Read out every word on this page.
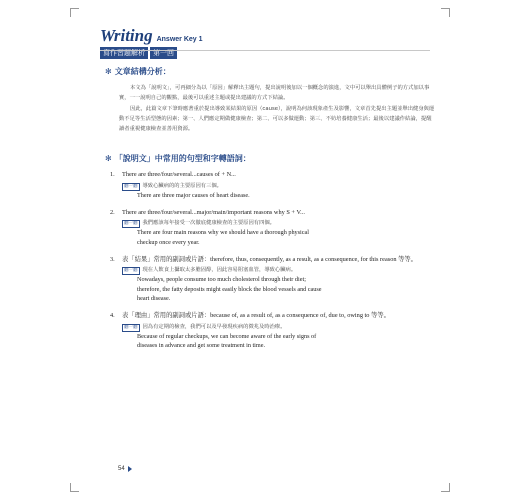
Writing Answer Key 1
寫作習題解析	第一回
✻ 文章結構分析：

本文為「說明文」，可再細分為以「原因」解釋出主題句，提出說明後加以一個概念的演進，文中可以舉出具體例子的方式加以事實，一一說明自己的觀點，最後可以重述主題或提出建議的方式下結論。

因此，此篇文章下筆時應著重於提出導致某結果的原因（cause），說明為何該現象產生及影響，文章首先提出主題並舉出健身與運動不足等生活型態的因素；第一、人們應定期做健康檢查；第二、可以多做運動；第三、不妨培養健康生活；最後以建議作結論，提醒讀者重視健康檢查並善用資源。

✻ 「說明文」中常用的句型和字轉語詞：
1.	There are three/four/several...causes of + N...
翻一翻 導致心臟病的的主要原因有三個。
There are three major causes of heart disease.
2.	There are three/four/several...major/main/important reasons why S + V...
翻一翻 我們應該每年接受一次徹底健康檢查的主要原因有四個。
There are four main reasons why we should have a thorough physical
checkup once every year.
3.	表「結果」常用的副詞或片語：therefore, thus, consequently, as a result, as a consequence, for this reason 等等。
翻一翻 現在人飲食上攝取太多膽固醇，因此容易阻塞血管，導致心臟病。
Nowadays, people consume too much cholesterol through their diet;
therefore, the fatty deposits might easily block the blood vessels and cause
heart disease.
4.	表「理由」常用的副詞或片語：because of, as a result of, as a consequence of, due to, owing to 等等。
翻一翻 因為有定期的檢查，我們可以及早發現疾病的徵兆及時治療。
Because of regular checkups, we can become aware of the early signs of
diseases in advance and get some treatment in time.
54
